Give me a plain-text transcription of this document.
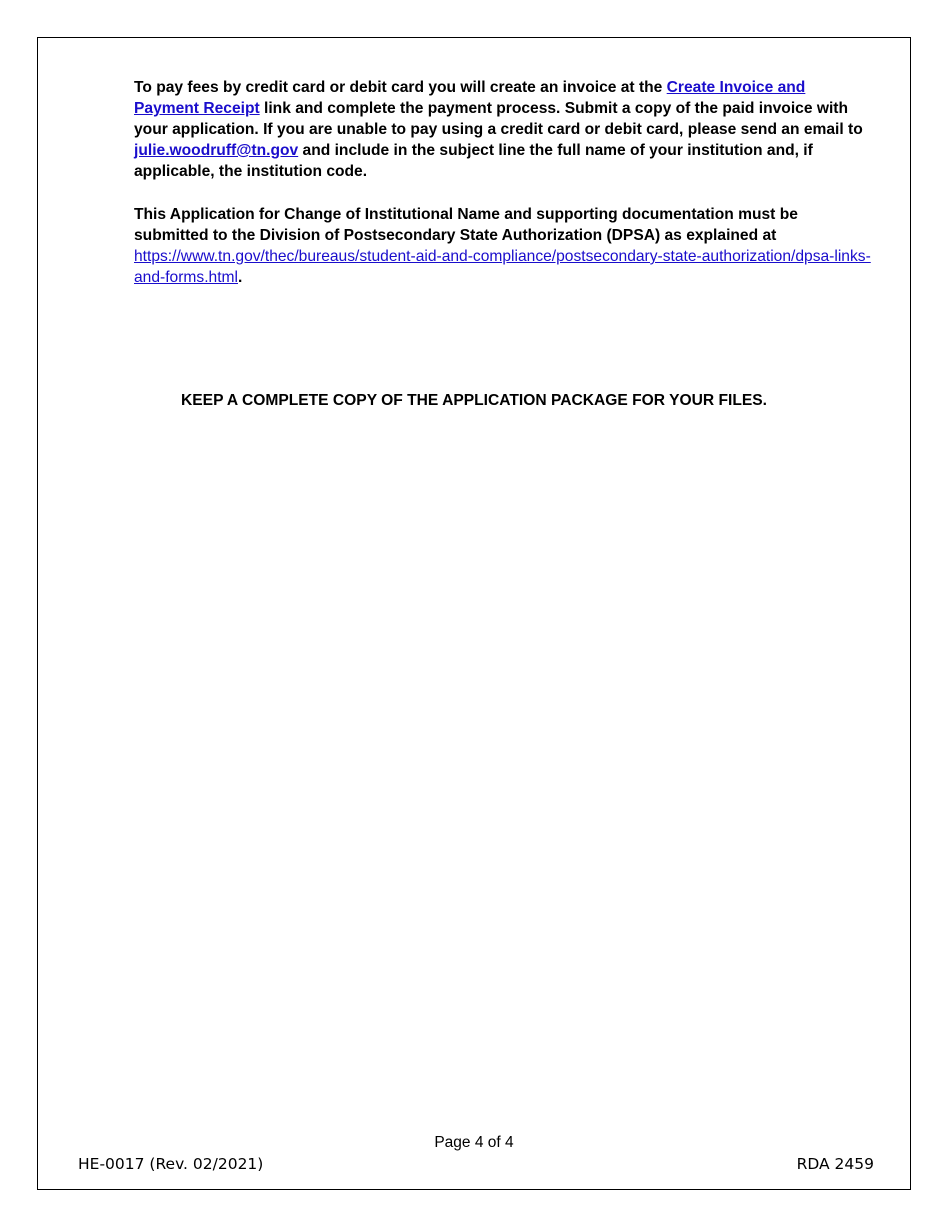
To pay fees by credit card or debit card you will create an invoice at the Create Invoice and Payment Receipt link and complete the payment process. Submit a copy of the paid invoice with your application. If you are unable to pay using a credit card or debit card, please send an email to julie.woodruff@tn.gov and include in the subject line the full name of your institution and, if applicable, the institution code.

This Application for Change of Institutional Name and supporting documentation must be submitted to the Division of Postsecondary State Authorization (DPSA) as explained at https://www.tn.gov/thec/bureaus/student-aid-and-compliance/postsecondary-state-authorization/dpsa-links-and-forms.html.

KEEP A COMPLETE COPY OF THE APPLICATION PACKAGE FOR YOUR FILES.

Page 4 of 4
HE-0017 (Rev. 02/2021)	RDA 2459
